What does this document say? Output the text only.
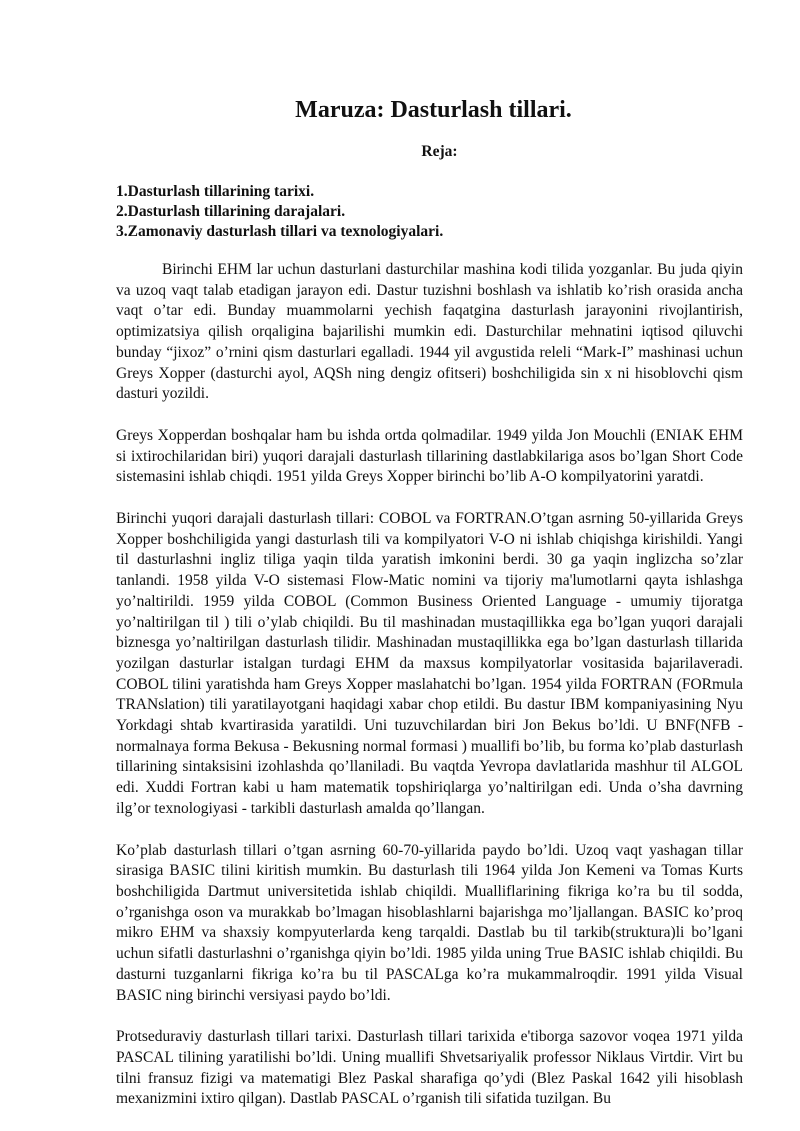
Maruza: Dasturlash tillari.
Reja:
1.Dasturlash tillarining tarixi.
2.Dasturlash tillarining darajalari.
3.Zamonaviy dasturlash tillari va texnologiyalari.

Birinchi EHM lar uchun dasturlani dasturchilar mashina kodi tilida yozganlar. Bu juda qiyin va uzoq vaqt talab etadigan jarayon edi. Dastur tuzishni boshlash va ishlatib ko’rish orasida ancha vaqt o’tar edi. Bunday muammolarni yechish faqatgina dasturlash jarayonini rivojlantirish, optimizatsiya qilish orqaligina bajarilishi mumkin edi. Dasturchilar mehnatini iqtisod qiluvchi bunday “jixoz” o’rnini qism dasturlari egalladi. 1944 yil avgustida releli “Mark-I” mashinasi uchun Greys Xopper (dasturchi ayol, AQSh ning dengiz ofitseri) boshchiligida sin x ni hisoblovchi qism dasturi yozildi.

Greys Xopperdan boshqalar ham bu ishda ortda qolmadilar. 1949 yilda Jon Mouchli (ENIAK EHM si ixtirochilaridan biri) yuqori darajali dasturlash tillarining dastlabkilariga asos bo’lgan Short Code sistemasini ishlab chiqdi. 1951 yilda Greys Xopper birinchi bo’lib A-O kompilyatorini yaratdi.

Birinchi yuqori darajali dasturlash tillari: COBOL va FORTRAN.O’tgan asrning 50-yillarida Greys Xopper boshchiligida yangi dasturlash tili va kompilyatori V-O ni ishlab chiqishga kirishildi. Yangi til dasturlashni ingliz tiliga yaqin tilda yaratish imkonini berdi. 30 ga yaqin inglizcha so’zlar tanlandi. 1958 yilda V-O sistemasi Flow-Matic nomini va tijoriy ma'lumotlarni qayta ishlashga yo’naltirildi. 1959 yilda COBOL (Common Business Oriented Language - umumiy tijoratga yo’naltirilgan til ) tili o’ylab chiqildi. Bu til mashinadan mustaqillikka ega bo’lgan yuqori darajali biznesga yo’naltirilgan dasturlash tilidir. Mashinadan mustaqillikka ega bo’lgan dasturlash tillarida yozilgan dasturlar istalgan turdagi EHM da maxsus kompilyatorlar vositasida bajarilaveradi. COBOL tilini yaratishda ham Greys Xopper maslahatchi bo’lgan. 1954 yilda FORTRAN (FORmula TRANslation) tili yaratilayotgani haqidagi xabar chop etildi. Bu dastur IBM kompaniyasining Nyu Yorkdagi shtab kvartirasida yaratildi. Uni tuzuvchilardan biri Jon Bekus bo’ldi. U BNF(NFB - normalnaya forma Bekusa - Bekusning normal formasi ) muallifi bo’lib, bu forma ko’plab dasturlash tillarining sintaksisini izohlashda qo’llaniladi. Bu vaqtda Yevropa davlatlarida mashhur til ALGOL edi. Xuddi Fortran kabi u ham matematik topshiriqlarga yo’naltirilgan edi. Unda o’sha davrning ilg’or texnologiyasi - tarkibli dasturlash amalda qo’llangan.

Ko’plab dasturlash tillari o’tgan asrning 60-70-yillarida paydo bo’ldi. Uzoq vaqt yashagan tillar sirasiga BASIC tilini kiritish mumkin. Bu dasturlash tili 1964 yilda Jon Kemeni va Tomas Kurts boshchiligida Dartmut universitetida ishlab chiqildi. Mualliflarining fikriga ko’ra bu til sodda, o’rganishga oson va murakkab bo’lmagan hisoblashlarni bajarishga mo’ljallangan. BASIC ko’proq mikro EHM va shaxsiy kompyuterlarda keng tarqaldi. Dastlab bu til tarkib(struktura)li bo’lgani uchun sifatli dasturlashni o’rganishga qiyin bo’ldi. 1985 yilda uning True BASIC ishlab chiqildi. Bu dasturni tuzganlarni fikriga ko’ra bu til PASCALga ko’ra mukammalroqdir. 1991 yilda Visual BASIC ning birinchi versiyasi paydo bo’ldi.

Protseduraviy dasturlash tillari tarixi. Dasturlash tillari tarixida e'tiborga sazovor voqea 1971 yilda PASCAL tilining yaratilishi bo’ldi. Uning muallifi Shvetsariyalik professor Niklaus Virtdir. Virt bu tilni fransuz fizigi va matematigi Blez Paskal sharafiga qo’ydi (Blez Paskal 1642 yili hisoblash mexanizmini ixtiro qilgan). Dastlab PASCAL o’rganish tili sifatida tuzilgan. Bu
